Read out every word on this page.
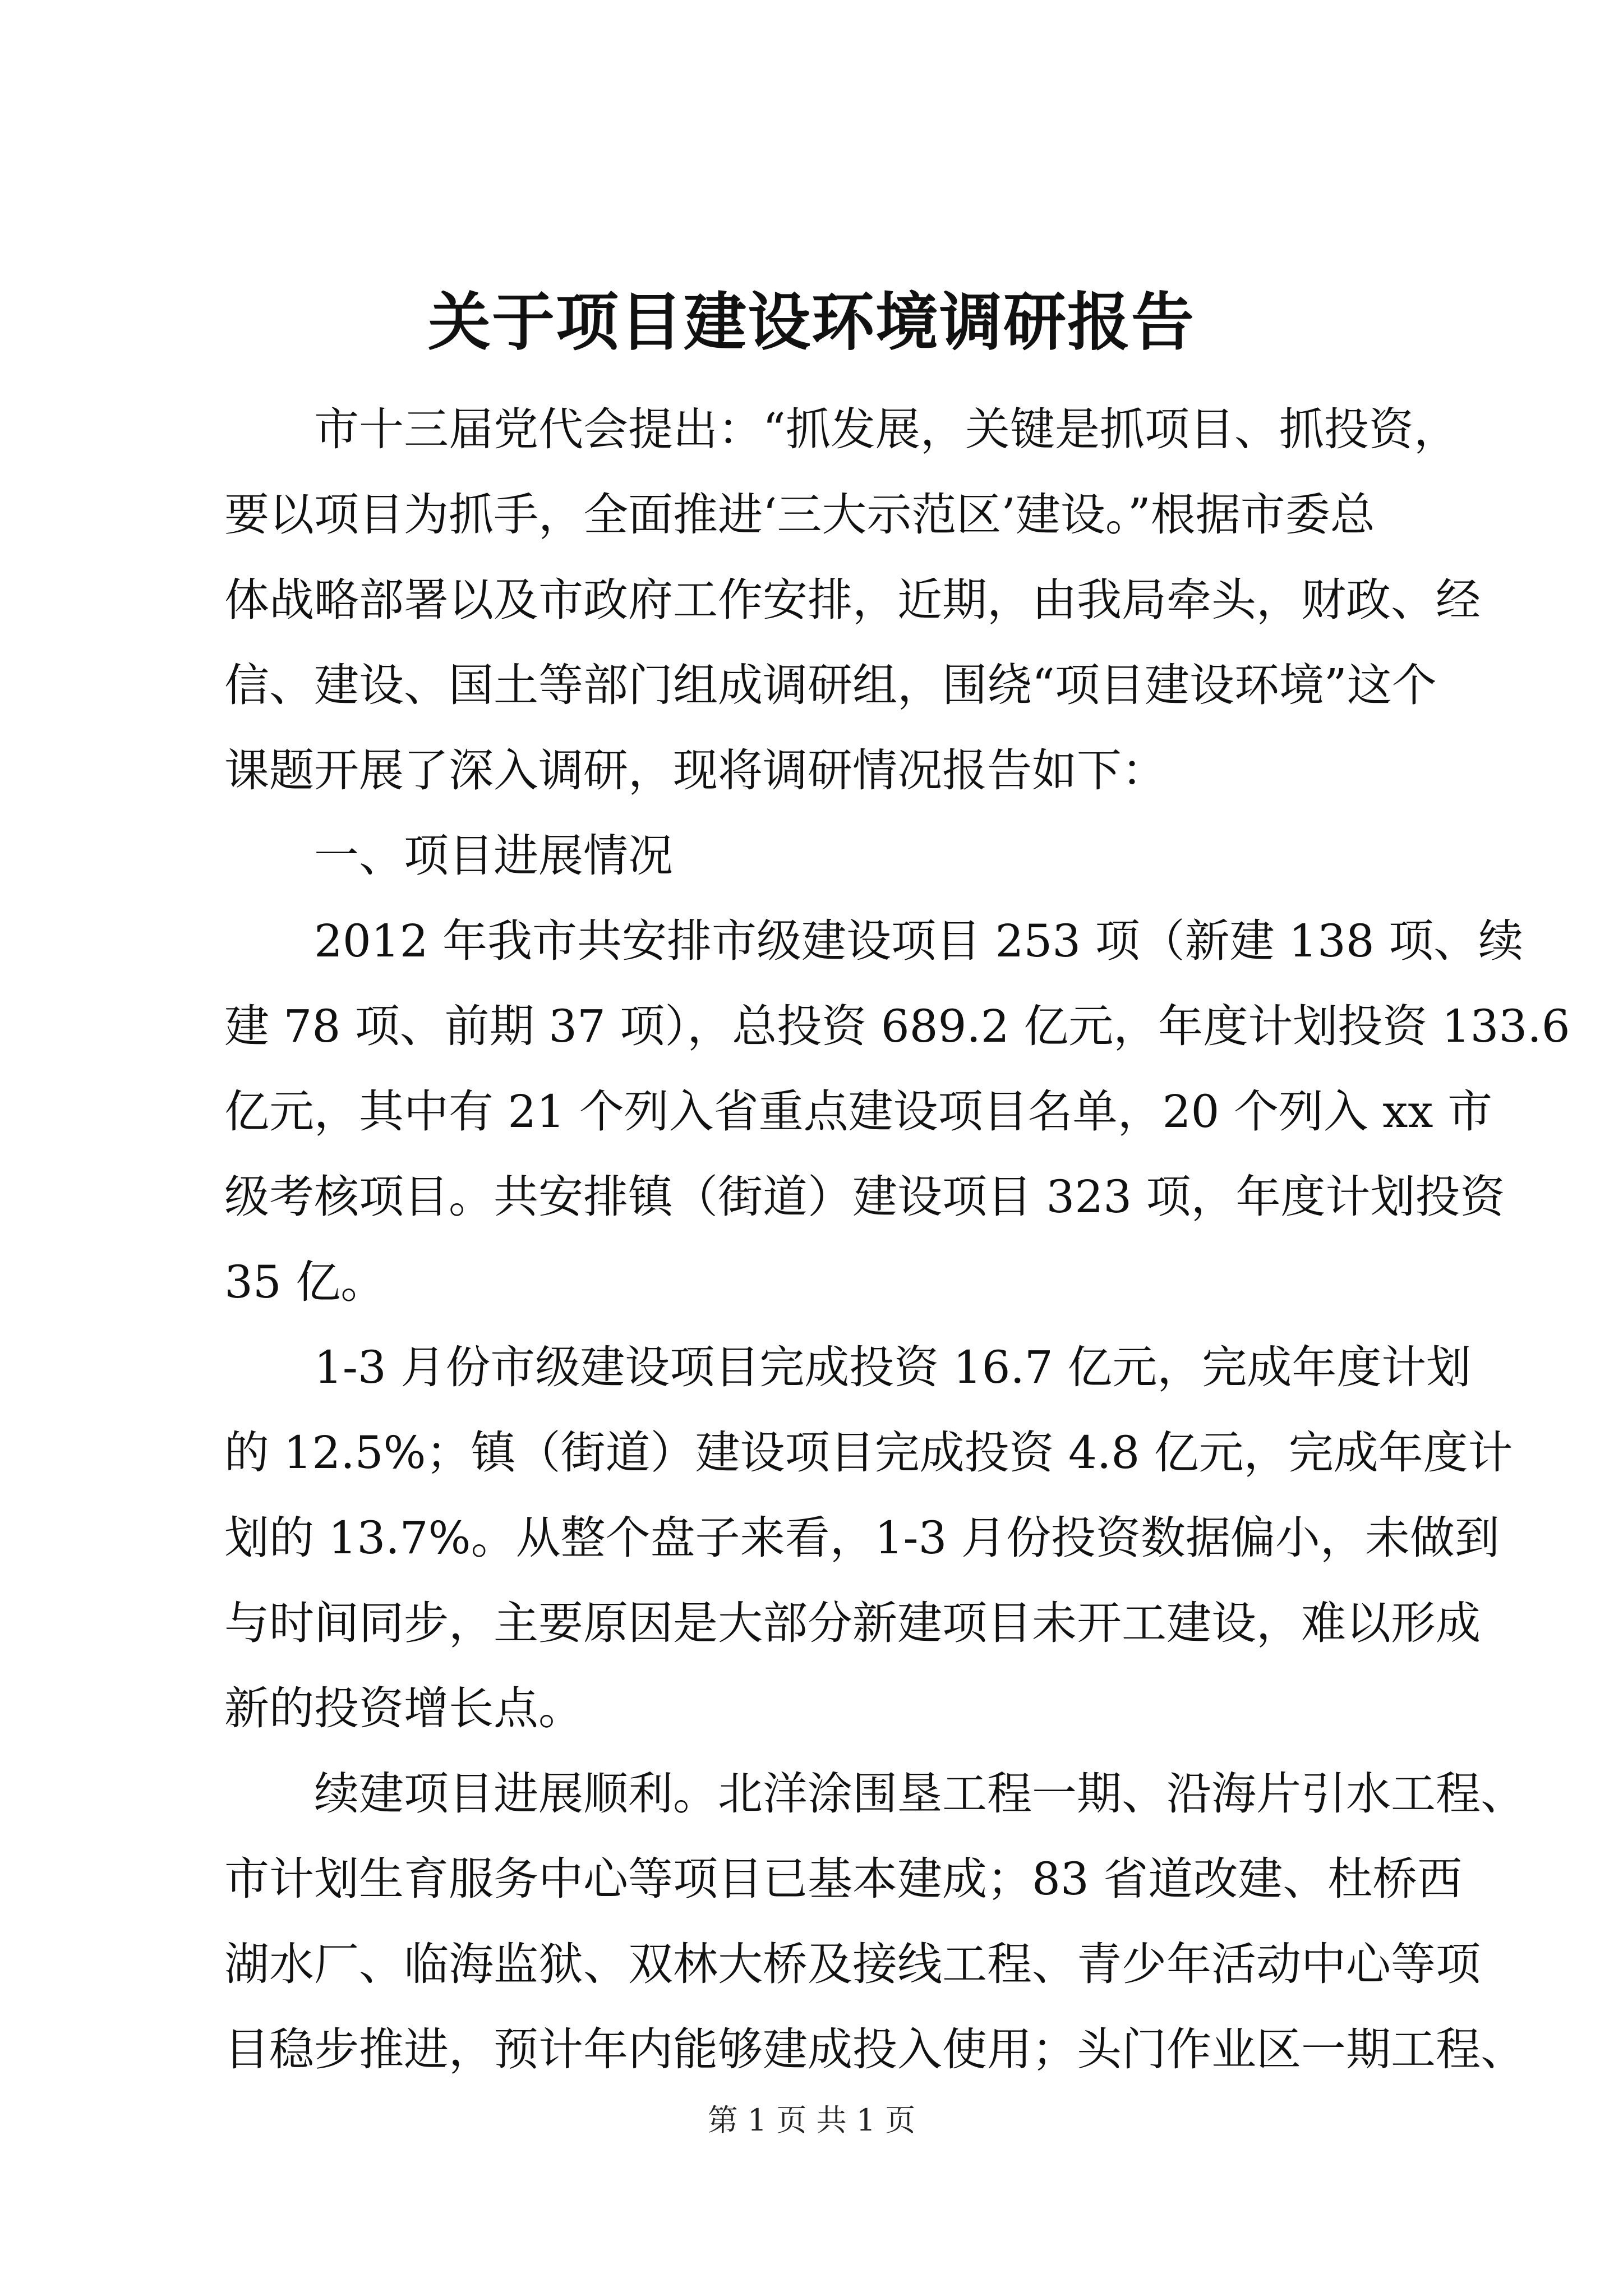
关于项目建设环境调研报告
市十三届党代会提出：“抓发展，关键是抓项目、抓投资，
要以项目为抓手，全面推进‘三大示范区’建设。”根据市委总
体战略部署以及市政府工作安排，近期，由我局牵头，财政、经
信、建设、国土等部门组成调研组，围绕“项目建设环境”这个
课题开展了深入调研，现将调研情况报告如下：
一、项目进展情况
2012 年我市共安排市级建设项目 253 项（新建 138 项、续
建 78 项、前期 37 项），总投资 689.2 亿元，年度计划投资 133.6
亿元，其中有 21 个列入省重点建设项目名单，20 个列入 xx 市
级考核项目。共安排镇（街道）建设项目 323 项，年度计划投资
35 亿。
1-3 月份市级建设项目完成投资 16.7 亿元，完成年度计划
的 12.5%；镇（街道）建设项目完成投资 4.8 亿元，完成年度计
划的 13.7%。从整个盘子来看，1-3 月份投资数据偏小，未做到
与时间同步，主要原因是大部分新建项目未开工建设，难以形成
新的投资增长点。
续建项目进展顺利。北洋涂围垦工程一期、沿海片引水工程、
市计划生育服务中心等项目已基本建成；83 省道改建、杜桥西
湖水厂、临海监狱、双林大桥及接线工程、青少年活动中心等项
目稳步推进，预计年内能够建成投入使用；头门作业区一期工程、
第 1 页 共 1 页
